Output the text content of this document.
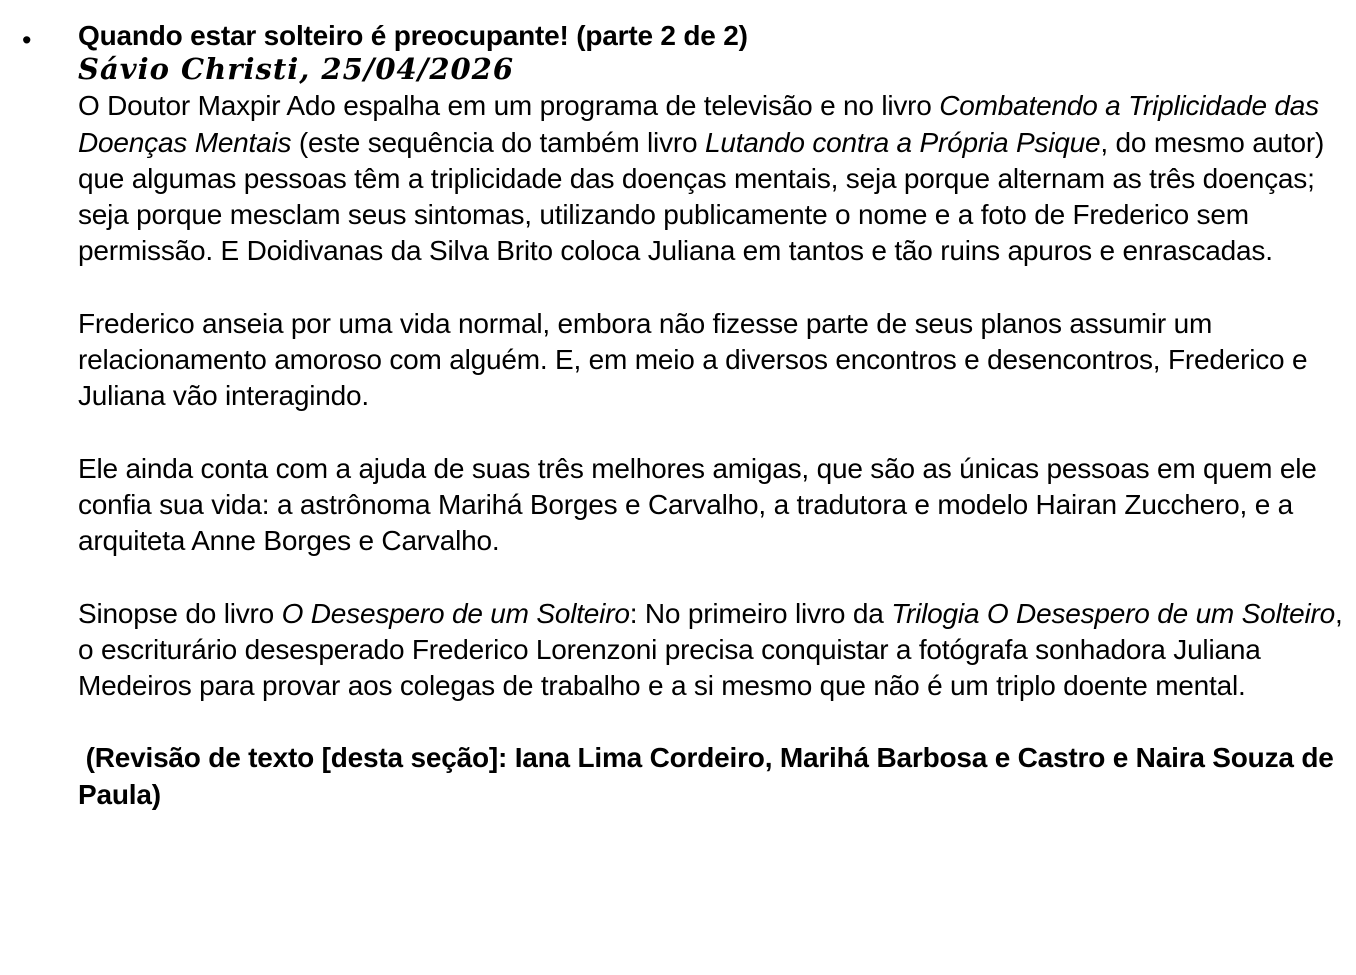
• Quando estar solteiro é preocupante! (parte 2 de 2)

Sávio Christi, 25/04/2026

O Doutor Maxpir Ado espalha em um programa de televisão e no livro Combatendo a Triplicidade das Doenças Mentais (este sequência do também livro Lutando contra a Própria Psique, do mesmo autor) que algumas pessoas têm a triplicidade das doenças mentais, seja porque alternam as três doenças; seja porque mesclam seus sintomas, utilizando publicamente o nome e a foto de Frederico sem permissão. E Doidivanas da Silva Brito coloca Juliana em tantos e tão ruins apuros e enrascadas.

Frederico anseia por uma vida normal, embora não fizesse parte de seus planos assumir um relacionamento amoroso com alguém. E, em meio a diversos encontros e desencontros, Frederico e Juliana vão interagindo.

Ele ainda conta com a ajuda de suas três melhores amigas, que são as únicas pessoas em quem ele confia sua vida: a astrônoma Marihá Borges e Carvalho, a tradutora e modelo Hairan Zucchero, e a arquiteta Anne Borges e Carvalho.

Sinopse do livro O Desespero de um Solteiro: No primeiro livro da Trilogia O Desespero de um Solteiro, o escriturário desesperado Frederico Lorenzoni precisa conquistar a fotógrafa sonhadora Juliana Medeiros para provar aos colegas de trabalho e a si mesmo que não é um triplo doente mental.

(Revisão de texto [desta seção]: Iana Lima Cordeiro, Marihá Barbosa e Castro e Naira Souza de Paula)
